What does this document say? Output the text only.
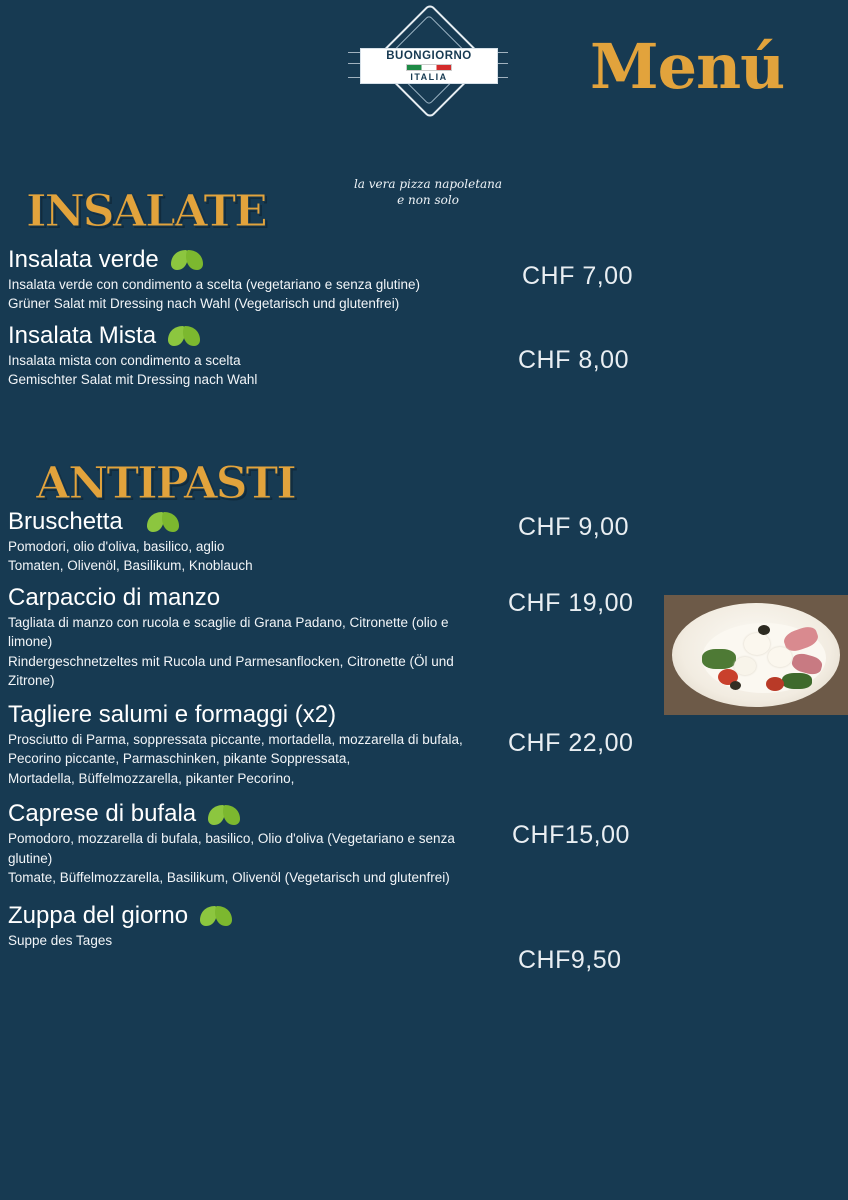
BUONGIORNO
ITALIA
la vera pizza napoletana
e non solo
Menú
INSALATE
Insalata verde
Insalata verde con condimento a scelta (vegetariano e senza glutine)
Grüner Salat mit Dressing nach Wahl (Vegetarisch und glutenfrei)
Insalata Mista
Insalata mista con condimento a scelta
Gemischter Salat mit Dressing nach Wahl
CHF 7,00
CHF 8,00
ANTIPASTI
Bruschetta
Pomodori, olio d'oliva, basilico, aglio
Tomaten, Olivenöl, Basilikum, Knoblauch
Carpaccio di manzo
Tagliata di manzo con rucola e scaglie di Grana Padano, Citronette (olio e limone)
Rindergeschnetzeltes mit Rucola und Parmesanflocken, Citronette (Öl und Zitrone)
Tagliere salumi e formaggi (x2)
Prosciutto di Parma, soppressata piccante, mortadella, mozzarella di bufala, Pecorino piccante, Parmaschinken, pikante Soppressata,
Mortadella, Büffelmozzarella, pikanter Pecorino,
Caprese di bufala
Pomodoro, mozzarella di bufala, basilico, Olio d'oliva (Vegetariano e senza glutine)
Tomate, Büffelmozzarella, Basilikum, Olivenöl (Vegetarisch und glutenfrei)
Zuppa del giorno
Suppe des Tages
CHF 9,00
CHF 19,00
CHF 22,00
CHF15,00
CHF9,50
